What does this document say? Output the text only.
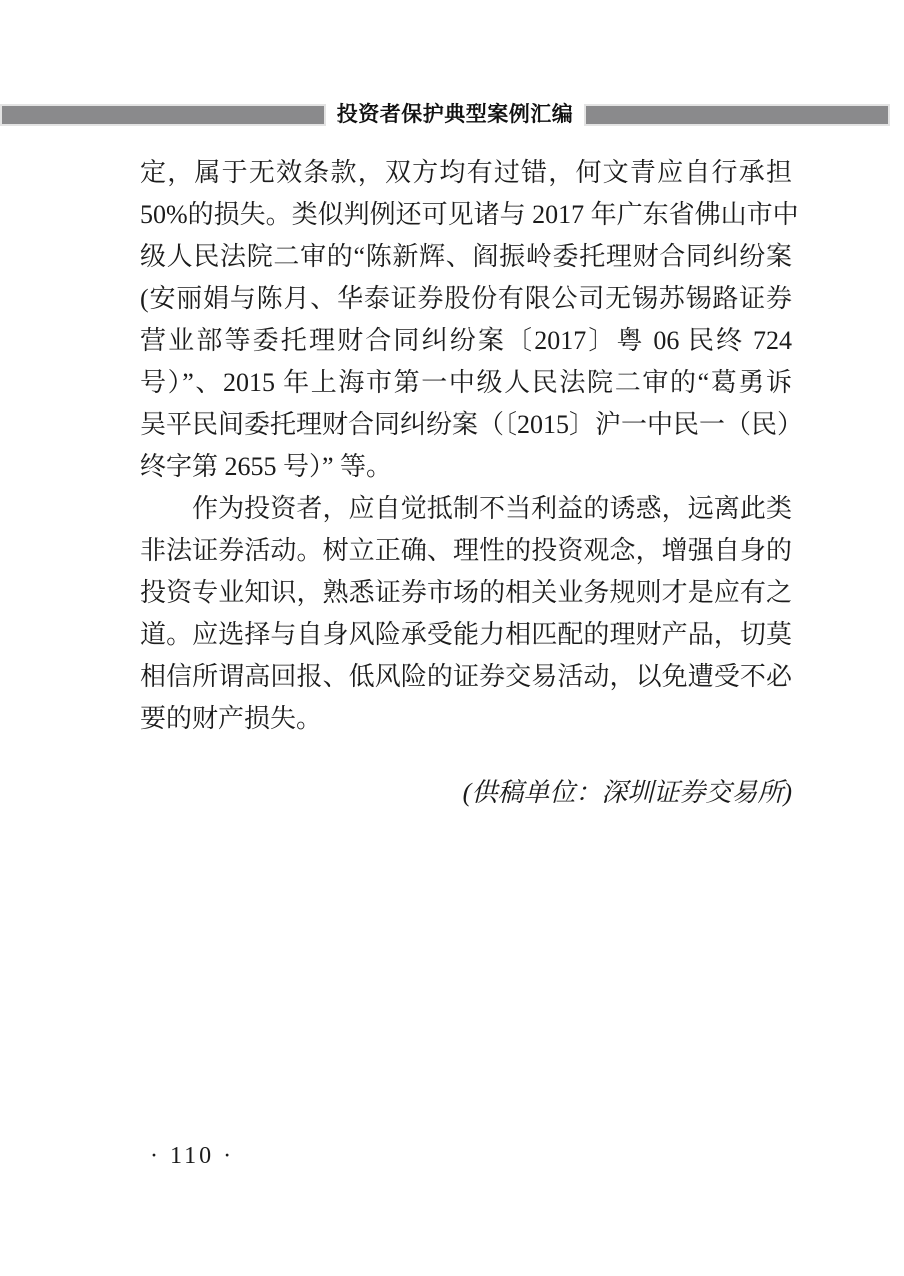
投资者保护典型案例汇编
定，属于无效条款，双方均有过错，何文青应自行承担
50%的损失。类似判例还可见诸与 2017 年广东省佛山市中
级人民法院二审的“陈新辉、阎振岭委托理财合同纠纷案
(安丽娟与陈月、华泰证券股份有限公司无锡苏锡路证券
营业部等委托理财合同纠纷案〔2017〕粤 06 民终 724
号）”、2015 年上海市第一中级人民法院二审的“葛勇诉
吴平民间委托理财合同纠纷案（〔2015〕沪一中民一（民）
终字第 2655 号）” 等。
作为投资者，应自觉抵制不当利益的诱惑，远离此类
非法证券活动。树立正确、理性的投资观念，增强自身的
投资专业知识，熟悉证券市场的相关业务规则才是应有之
道。应选择与自身风险承受能力相匹配的理财产品，切莫
相信所谓高回报、低风险的证券交易活动，以免遭受不必
要的财产损失。
(供稿单位：深圳证券交易所)
· 110 ·
